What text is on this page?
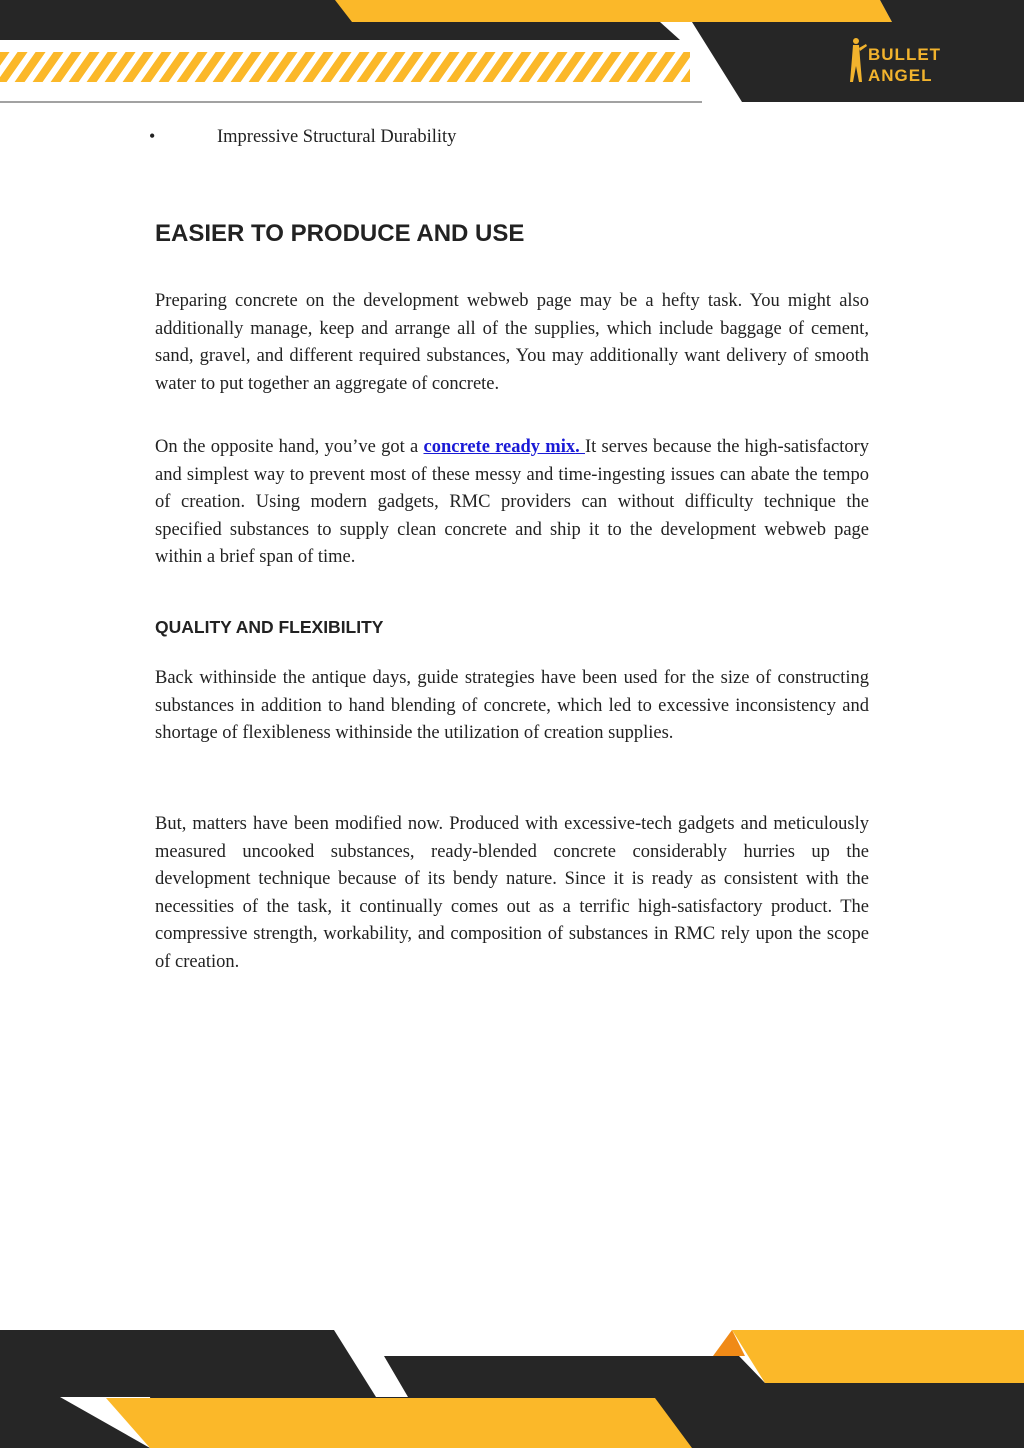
BULLET
ANGEL
•	Impressive Structural Durability
EASIER TO PRODUCE AND USE

Preparing concrete on the development webweb page may be a hefty task. You might also additionally manage, keep and arrange all of the supplies, which include baggage of cement, sand, gravel, and different required substances, You may additionally want delivery of smooth water to put together an aggregate of concrete.

On the opposite hand, you’ve got a concrete ready mix. It serves because the high-satisfactory and simplest way to prevent most of these messy and time-ingesting issues can abate the tempo of creation. Using modern gadgets, RMC providers can without difficulty technique the specified substances to supply clean concrete and ship it to the development webweb page within a brief span of time.

QUALITY AND FLEXIBILITY

Back withinside the antique days, guide strategies have been used for the size of constructing substances in addition to hand blending of concrete, which led to excessive inconsistency and shortage of flexibleness withinside the utilization of creation supplies.

But, matters have been modified now. Produced with excessive-tech gadgets and meticulously measured uncooked substances, ready-blended concrete considerably hurries up the development technique because of its bendy nature. Since it is ready as consistent with the necessities of the task, it continually comes out as a terrific high-satisfactory product. The compressive strength, workability, and composition of substances in RMC rely upon the scope of creation.
